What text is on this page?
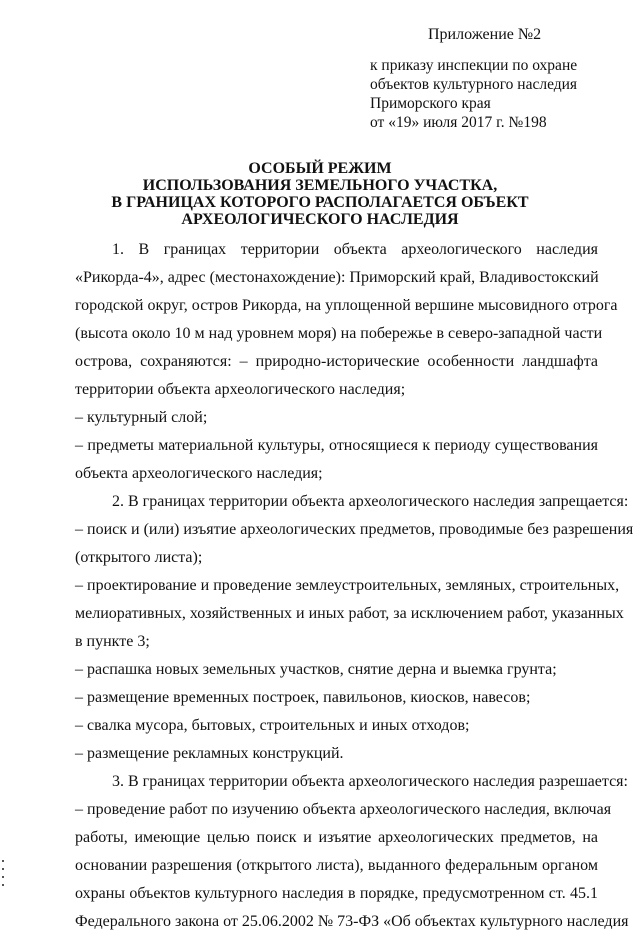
Приложение №2
к приказу инспекции по охране
объектов культурного наследия
Приморского края
от «19» июля 2017 г. №198
ОСОБЫЙ РЕЖИМ
ИСПОЛЬЗОВАНИЯ ЗЕМЕЛЬНОГО УЧАСТКА,
В ГРАНИЦАХ КОТОРОГО РАСПОЛАГАЕТСЯ ОБЪЕКТ
АРХЕОЛОГИЧЕСКОГО НАСЛЕДИЯ

1. В границах территории объекта археологического наследия

«Рикорда-4», адрес (местонахождение): Приморский край, Владивостокский

городской округ, остров Рикорда, на уплощенной вершине мысовидного отрога

(высота около 10 м над уровнем моря) на побережье в северо-западной части

острова, сохраняются: – природно-исторические особенности ландшафта

территории объекта археологического наследия;

– культурный слой;

– предметы материальной культуры, относящиеся к периоду существования

объекта археологического наследия;

2. В границах территории объекта археологического наследия запрещается:

– поиск и (или) изъятие археологических предметов, проводимые без разрешения

(открытого листа);

– проектирование и проведение землеустроительных, земляных, строительных,

мелиоративных, хозяйственных и иных работ, за исключением работ, указанных

в пункте 3;

– распашка новых земельных участков, снятие дерна и выемка грунта;

– размещение временных построек, павильонов, киосков, навесов;

– свалка мусора, бытовых, строительных и иных отходов;

– размещение рекламных конструкций.

3. В границах территории объекта археологического наследия разрешается:

– проведение работ по изучению объекта археологического наследия, включая

работы, имеющие целью поиск и изъятие археологических предметов, на

основании разрешения (открытого листа), выданного федеральным органом

охраны объектов культурного наследия в порядке, предусмотренном ст. 45.1

Федерального закона от 25.06.2002 № 73-ФЗ «Об объектах культурного наследия
